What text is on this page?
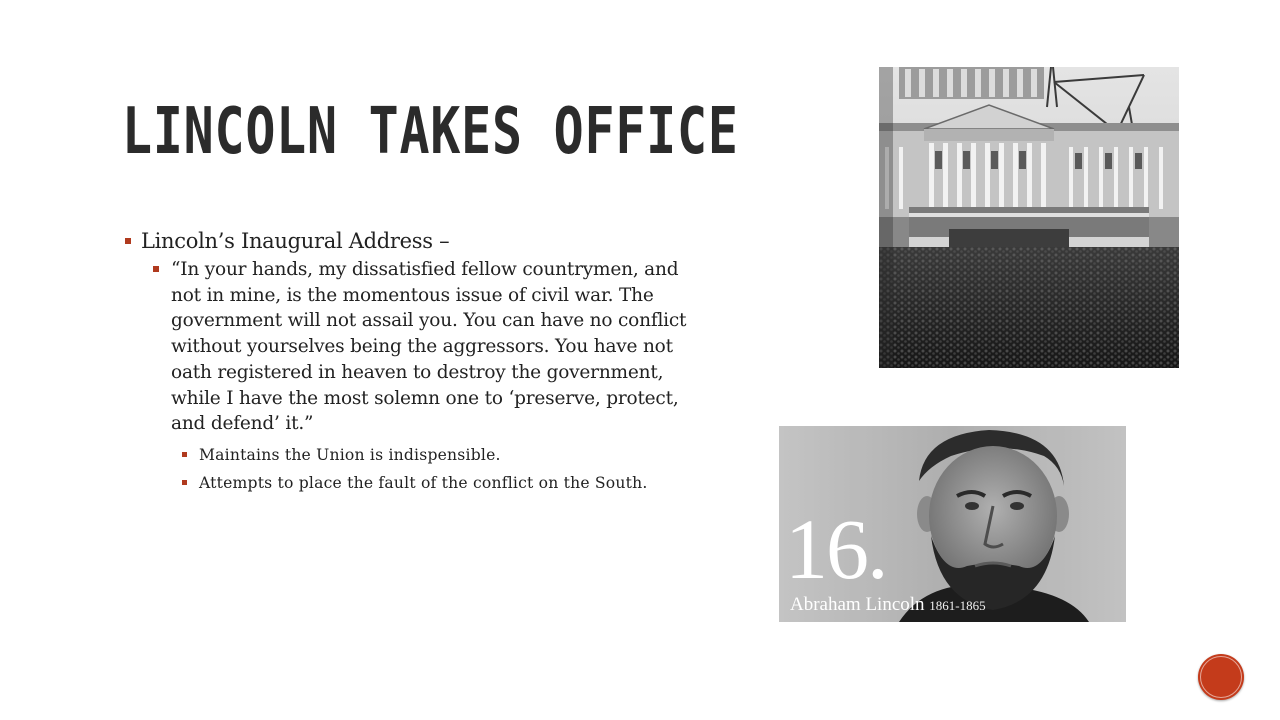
LINCOLN TAKES OFFICE
Lincoln’s Inaugural Address –
“In your hands, my dissatisfied fellow countrymen, and not in mine, is the momentous issue of civil war. The government will not assail you. You can have no conflict without yourselves being the aggressors. You have not oath registered in heaven to destroy the government, while I have the most solemn one to ‘preserve, protect, and defend’ it.”
Maintains the Union is indispensible.
Attempts to place the fault of the conflict on the South.
16.
Abraham Lincoln 1861-1865
